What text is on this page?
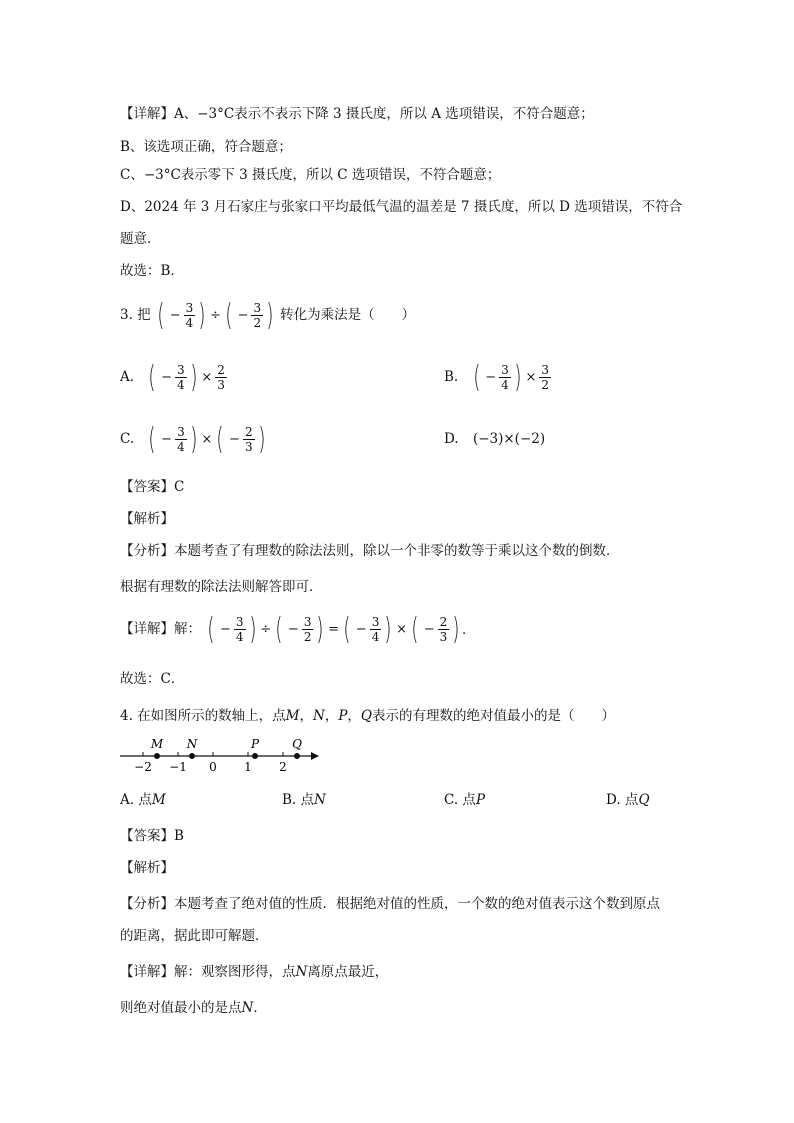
【详解】A、−3°C表示不表示下降 3 摄氏度，所以 A 选项错误，不符合题意；
B、该选项正确，符合题意；
C、−3°C表示零下 3 摄氏度，所以 C 选项错误，不符合题意；
D、2024 年 3 月石家庄与张家口平均最低气温的温差是 7 摄氏度，所以 D 选项错误，不符合
题意．
故选：B．
3. 把 ( − $\frac{3}{4}$ ) ÷ ( − $\frac{3}{2}$ ) 转化为乘法是（　　）
A. ( − $\frac{3}{4}$ ) × $\frac{2}{3}$	B. ( − $\frac{3}{4}$ ) × $\frac{3}{2}$
C. ( − $\frac{3}{4}$ ) × ( − $\frac{2}{3}$ )	D. (−3)×(−2)
【答案】C
【解析】
【分析】本题考查了有理数的除法法则，除以一个非零的数等于乘以这个数的倒数．
根据有理数的除法法则解答即可．
【详解】解： ( − $\frac{3}{4}$ ) ÷ ( − $\frac{3}{2}$ ) = ( − $\frac{3}{4}$ ) × ( − $\frac{2}{3}$ ) ．
故选：C．
4. 在如图所示的数轴上，点M，N，P，Q表示的有理数的绝对值最小的是（　　）
−2 −1 0 1 2
M N	P	Q
A. 点M	B. 点N	C. 点P	D. 点Q
【答案】B
【解析】
【分析】本题考查了绝对值的性质．根据绝对值的性质，一个数的绝对值表示这个数到原点
的距离，据此即可解题．
【详解】解：观察图形得，点N离原点最近，
则绝对值最小的是点N．
